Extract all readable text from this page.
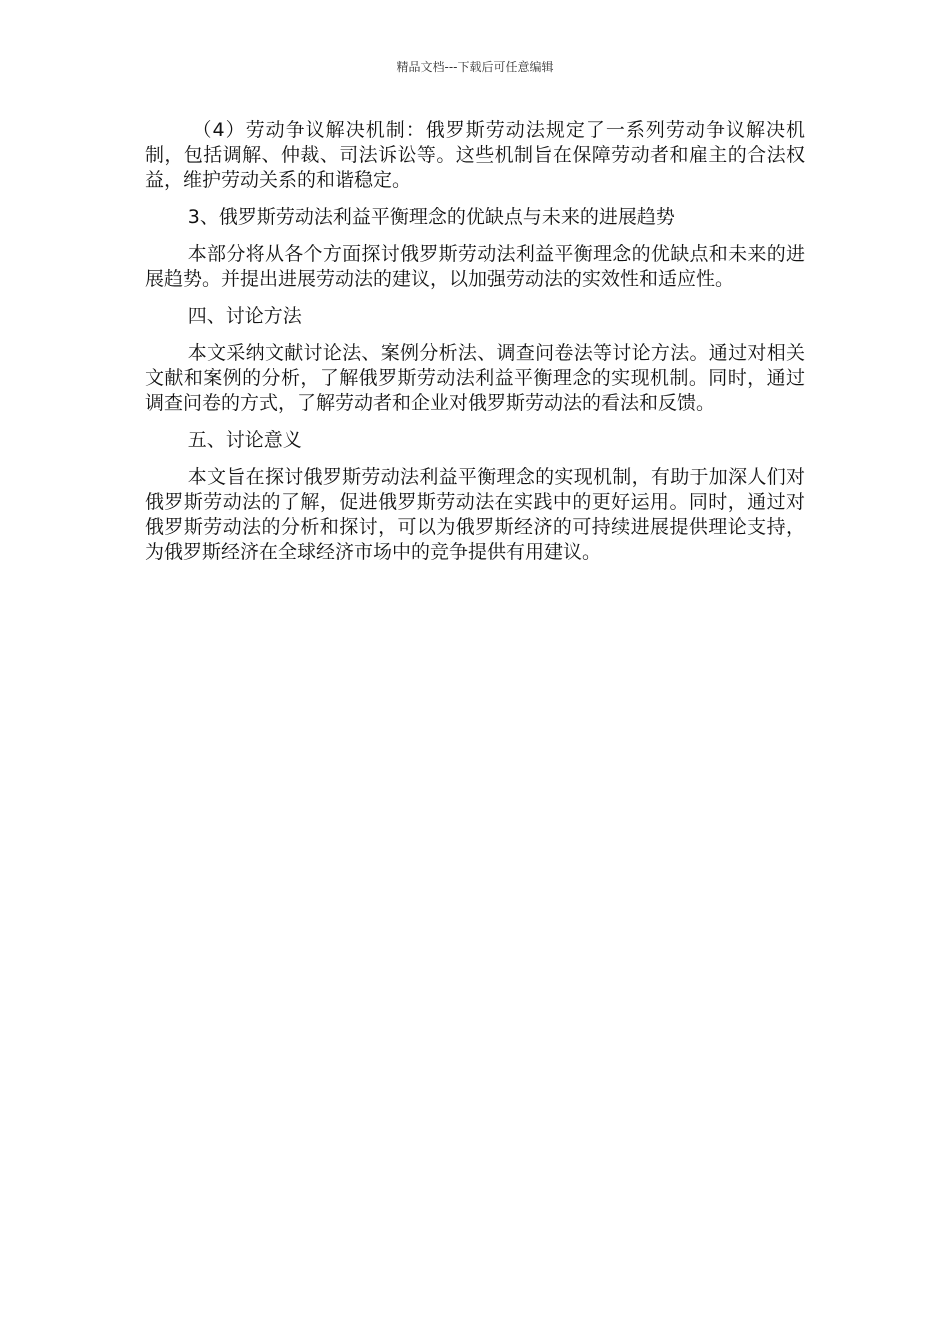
精品文档---下载后可任意编辑

（4）劳动争议解决机制：俄罗斯劳动法规定了一系列劳动争议解决机制，包括调解、仲裁、司法诉讼等。这些机制旨在保障劳动者和雇主的合法权益，维护劳动关系的和谐稳定。

3、俄罗斯劳动法利益平衡理念的优缺点与未来的进展趋势

本部分将从各个方面探讨俄罗斯劳动法利益平衡理念的优缺点和未来的进展趋势。并提出进展劳动法的建议，以加强劳动法的实效性和适应性。

四、讨论方法

本文采纳文献讨论法、案例分析法、调查问卷法等讨论方法。通过对相关文献和案例的分析，了解俄罗斯劳动法利益平衡理念的实现机制。同时，通过调查问卷的方式，了解劳动者和企业对俄罗斯劳动法的看法和反馈。

五、讨论意义

本文旨在探讨俄罗斯劳动法利益平衡理念的实现机制，有助于加深人们对俄罗斯劳动法的了解，促进俄罗斯劳动法在实践中的更好运用。同时，通过对俄罗斯劳动法的分析和探讨，可以为俄罗斯经济的可持续进展提供理论支持，为俄罗斯经济在全球经济市场中的竞争提供有用建议。
